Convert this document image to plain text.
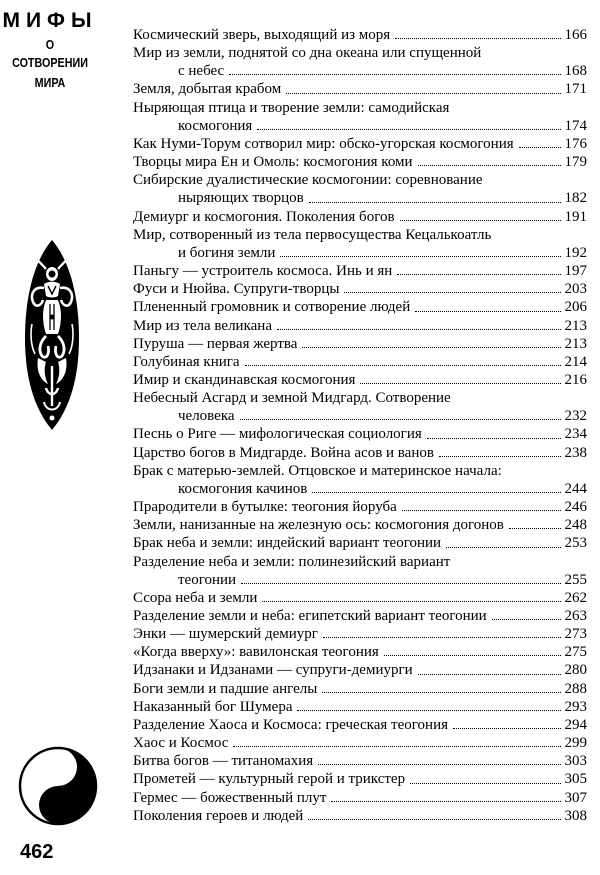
МИФЫ
О СОТВОРЕНИИ
МИРА
462
Космический зверь, выходящий из моря	166
Мир из земли, поднятой со дна океана или спущенной
с небес	168
Земля, добытая крабом	171
Ныряющая птица и творение земли: самодийская
космогония	174
Как Нуми-Торум сотворил мир: обско-угорская космогония	176
Творцы мира Ен и Омоль: космогония коми	179
Сибирские дуалистические космогонии: соревнование
ныряющих творцов	182
Демиург и космогония. Поколения богов	191
Мир, сотворенный из тела первосущества Кецалькоатль
и богиня земли	192
Паньгу — устроитель космоса. Инь и ян	197
Фуси и Нюйва. Супруги-творцы	203
Плененный громовник и сотворение людей	206
Мир из тела великана	213
Пуруша — первая жертва	213
Голубиная книга	214
Имир и скандинавская космогония	216
Небесный Асгард и земной Мидгард. Сотворение
человека	232
Песнь о Риге — мифологическая социология	234
Царство богов в Мидгарде. Война асов и ванов	238
Брак с матерью-землей. Отцовское и материнское начала:
космогония качинов	244
Прародители в бутылке: теогония йоруба	246
Земли, нанизанные на железную ось: космогония догонов	248
Брак неба и земли: индейский вариант теогонии	253
Разделение неба и земли: полинезийский вариант
теогонии	255
Ссора неба и земли	262
Разделение земли и неба: египетский вариант теогонии	263
Энки — шумерский демиург	273
«Когда вверху»: вавилонская теогония	275
Идзанаки и Идзанами — супруги-демиурги	280
Боги земли и падшие ангелы	288
Наказанный бог Шумера	293
Разделение Хаоса и Космоса: греческая теогония	294
Хаос и Космос	299
Битва богов — титаномахия	303
Прометей — культурный герой и трикстер	305
Гермес — божественный плут	307
Поколения героев и людей	308
